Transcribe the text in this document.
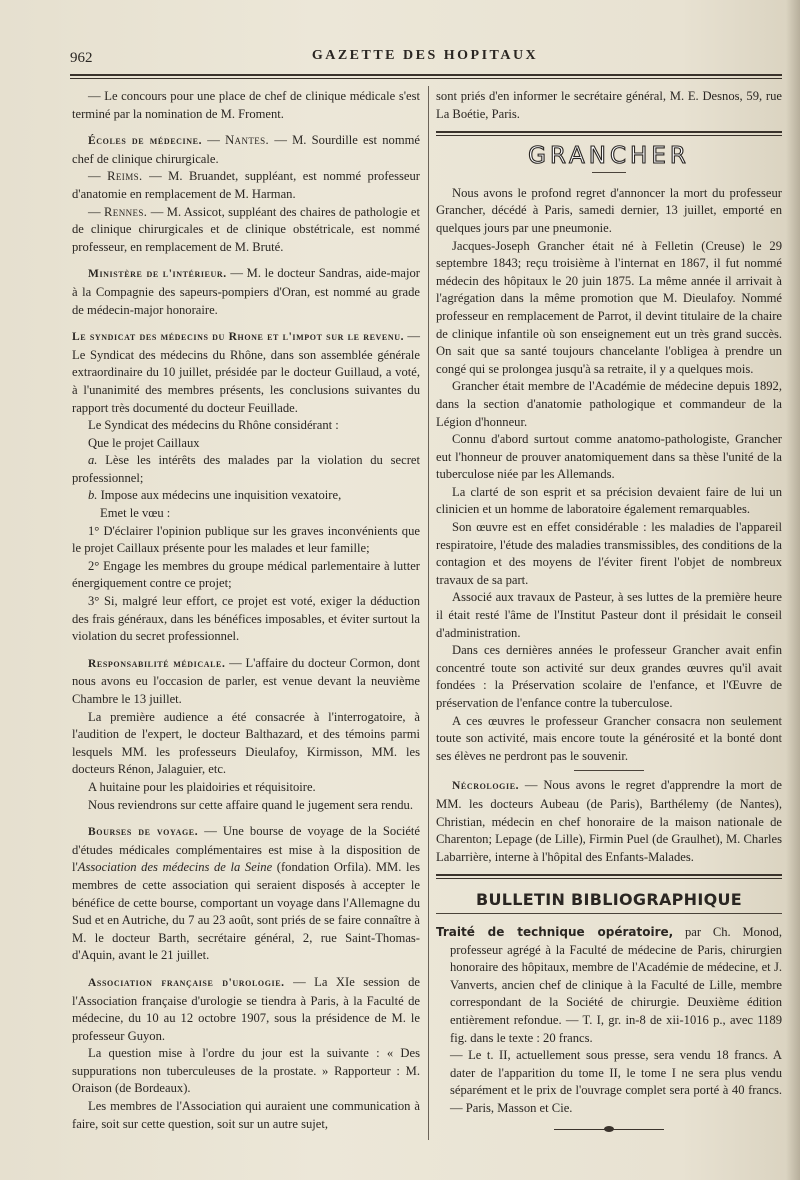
962	GAZETTE DES HOPITAUX

— Le concours pour une place de chef de clinique médicale s'est terminé par la nomination de M. Froment.

Écoles de médecine. — Nantes. — M. Sourdille est nommé chef de clinique chirurgicale.

— Reims. — M. Bruandet, suppléant, est nommé professeur d'anatomie en remplacement de M. Harman.

— Rennes. — M. Assicot, suppléant des chaires de pathologie et de clinique chirurgicales et de clinique obstétricale, est nommé professeur, en remplacement de M. Bruté.

Ministère de l'intérieur. — M. le docteur Sandras, aide-major à la Compagnie des sapeurs-pompiers d'Oran, est nommé au grade de médecin-major honoraire.

Le syndicat des médecins du Rhone et l'impot sur le revenu. — Le Syndicat des médecins du Rhône, dans son assemblée générale extraordinaire du 10 juillet, présidée par le docteur Guillaud, a voté, à l'unanimité des membres présents, les conclusions suivantes du rapport très documenté du docteur Feuillade.

Le Syndicat des médecins du Rhône considérant :

Que le projet Caillaux

a. Lèse les intérêts des malades par la violation du secret professionnel;

b. Impose aux médecins une inquisition vexatoire,

Emet le vœu :

1° D'éclairer l'opinion publique sur les graves inconvénients que le projet Caillaux présente pour les malades et leur famille;

2° Engage les membres du groupe médical parlementaire à lutter énergiquement contre ce projet;

3° Si, malgré leur effort, ce projet est voté, exiger la déduction des frais généraux, dans les bénéfices imposables, et éviter surtout la violation du secret professionnel.

Responsabilité médicale. — L'affaire du docteur Cormon, dont nous avons eu l'occasion de parler, est venue devant la neuvième Chambre le 13 juillet.

La première audience a été consacrée à l'interrogatoire, à l'audition de l'expert, le docteur Balthazard, et des témoins parmi lesquels MM. les professeurs Dieulafoy, Kirmisson, MM. les docteurs Rénon, Jalaguier, etc.

A huitaine pour les plaidoiries et réquisitoire.

Nous reviendrons sur cette affaire quand le jugement sera rendu.

Bourses de voyage. — Une bourse de voyage de la Société d'études médicales complémentaires est mise à la disposition de l'Association des médecins de la Seine (fondation Orfila). MM. les membres de cette association qui seraient disposés à accepter le bénéfice de cette bourse, comportant un voyage dans l'Allemagne du Sud et en Autriche, du 7 au 23 août, sont priés de se faire connaître à M. le docteur Barth, secrétaire général, 2, rue Saint-Thomas-d'Aquin, avant le 21 juillet.

Association française d'urologie. — La XIe session de l'Association française d'urologie se tiendra à Paris, à la Faculté de médecine, du 10 au 12 octobre 1907, sous la présidence de M. le professeur Guyon.

La question mise à l'ordre du jour est la suivante : « Des suppurations non tuberculeuses de la prostate. » Rapporteur : M. Oraison (de Bordeaux).

Les membres de l'Association qui auraient une communication à faire, soit sur cette question, soit sur un autre sujet,

sont priés d'en informer le secrétaire général, M. E. Desnos, 59, rue La Boétie, Paris.

GRANCHER

Nous avons le profond regret d'annoncer la mort du professeur Grancher, décédé à Paris, samedi dernier, 13 juillet, emporté en quelques jours par une pneumonie.

Jacques-Joseph Grancher était né à Felletin (Creuse) le 29 septembre 1843; reçu troisième à l'internat en 1867, il fut nommé médecin des hôpitaux le 20 juin 1875. La même année il arrivait à l'agrégation dans la même promotion que M. Dieulafoy. Nommé professeur en remplacement de Parrot, il devint titulaire de la chaire de clinique infantile où son enseignement eut un très grand succès. On sait que sa santé toujours chancelante l'obligea à prendre un congé qui se prolongea jusqu'à sa retraite, il y a quelques mois.

Grancher était membre de l'Académie de médecine depuis 1892, dans la section d'anatomie pathologique et commandeur de la Légion d'honneur.

Connu d'abord surtout comme anatomo-pathologiste, Grancher eut l'honneur de prouver anatomiquement dans sa thèse l'unité de la tuberculose niée par les Allemands.

La clarté de son esprit et sa précision devaient faire de lui un clinicien et un homme de laboratoire également remarquables.

Son œuvre est en effet considérable : les maladies de l'appareil respiratoire, l'étude des maladies transmissibles, des conditions de la contagion et des moyens de l'éviter firent l'objet de nombreux travaux de sa part.

Associé aux travaux de Pasteur, à ses luttes de la première heure il était resté l'âme de l'Institut Pasteur dont il présidait le conseil d'administration.

Dans ces dernières années le professeur Grancher avait enfin concentré toute son activité sur deux grandes œuvres qu'il avait fondées : la Préservation scolaire de l'enfance, et l'Œuvre de préservation de l'enfance contre la tuberculose.

A ces œuvres le professeur Grancher consacra non seulement toute son activité, mais encore toute la générosité et la bonté dont ses élèves ne perdront pas le souvenir.

Nécrologie. — Nous avons le regret d'apprendre la mort de MM. les docteurs Aubeau (de Paris), Barthélemy (de Nantes), Christian, médecin en chef honoraire de la maison nationale de Charenton; Lepage (de Lille), Firmin Puel (de Graulhet), M. Charles Labarrière, interne à l'hôpital des Enfants-Malades.

BULLETIN BIBLIOGRAPHIQUE

Traité de technique opératoire, par Ch. Monod, professeur agrégé à la Faculté de médecine de Paris, chirurgien honoraire des hôpitaux, membre de l'Académie de médecine, et J. Vanverts, ancien chef de clinique à la Faculté de Lille, membre correspondant de la Société de chirurgie. Deuxième édition entièrement refondue. — T. I, gr. in-8 de xii-1016 p., avec 1189 fig. dans le texte : 20 francs.

— Le t. II, actuellement sous presse, sera vendu 18 francs. A dater de l'apparition du tome II, le tome I ne sera plus vendu séparément et le prix de l'ouvrage complet sera porté à 40 francs. — Paris, Masson et Cie.
